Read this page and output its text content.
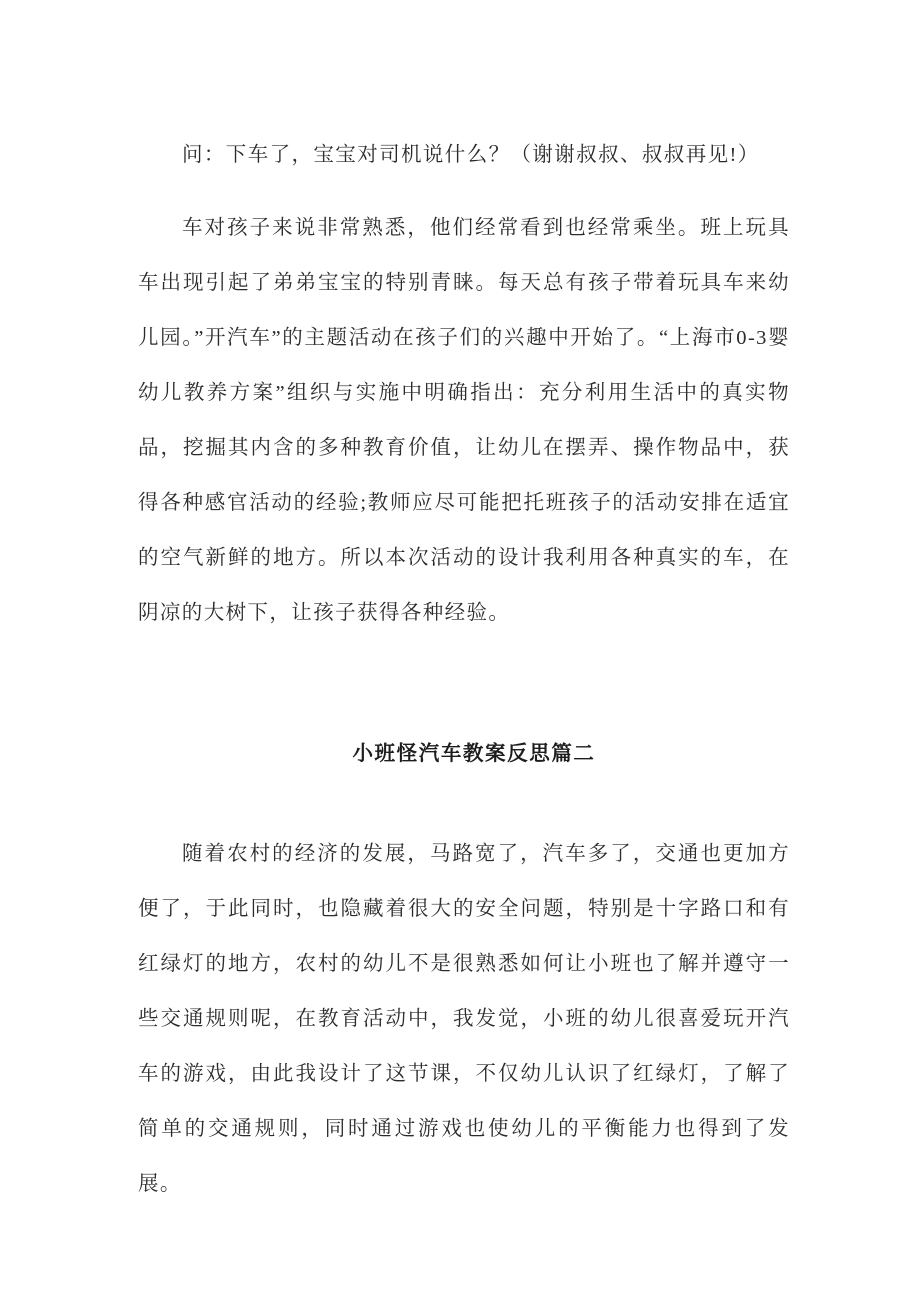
问：下车了，宝宝对司机说什么？（谢谢叔叔、叔叔再见!）

车对孩子来说非常熟悉，他们经常看到也经常乘坐。班上玩具车出现引起了弟弟宝宝的特别青睐。每天总有孩子带着玩具车来幼儿园。”开汽车”的主题活动在孩子们的兴趣中开始了。“上海市0-3婴幼儿教养方案”组织与实施中明确指出：充分利用生活中的真实物品，挖掘其内含的多种教育价值，让幼儿在摆弄、操作物品中，获得各种感官活动的经验;教师应尽可能把托班孩子的活动安排在适宜的空气新鲜的地方。所以本次活动的设计我利用各种真实的车，在阴凉的大树下，让孩子获得各种经验。

小班怪汽车教案反思篇二

随着农村的经济的发展，马路宽了，汽车多了，交通也更加方便了，于此同时，也隐藏着很大的安全问题，特别是十字路口和有红绿灯的地方，农村的幼儿不是很熟悉如何让小班也了解并遵守一些交通规则呢，在教育活动中，我发觉，小班的幼儿很喜爱玩开汽车的游戏，由此我设计了这节课，不仅幼儿认识了红绿灯，了解了简单的交通规则，同时通过游戏也使幼儿的平衡能力也得到了发展。
